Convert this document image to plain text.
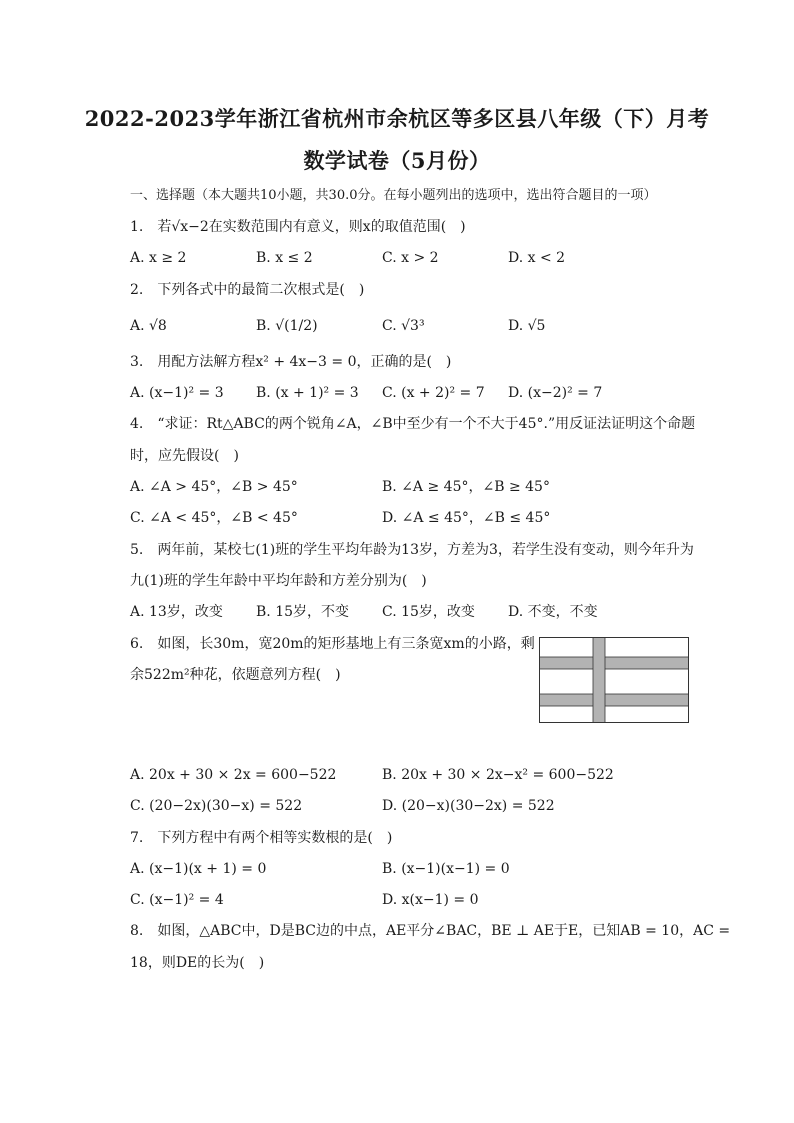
2022-2023学年浙江省杭州市余杭区等多区县八年级（下）月考
数学试卷（5月份）
一、选择题（本大题共10小题，共30.0分。在每小题列出的选项中，选出符合题目的一项）
1.　若√x−2在实数范围内有意义，则x的取值范围(　)
A. x ≥ 2	B. x ≤ 2	C. x > 2	D. x < 2
2.　下列各式中的最简二次根式是(　)
A. √8	B. √(1/2)	C. √3³	D. √5
3.　用配方法解方程x² + 4x−3 = 0，正确的是(　)
A. (x−1)² = 3 B. (x + 1)² = 3 C. (x + 2)² = 7 D. (x−2)² = 7
4.　“求证：Rt△ABC的两个锐角∠A，∠B中至少有一个不大于45°.”用反证法证明这个命题
时，应先假设(　)
A. ∠A > 45°，∠B > 45°	B. ∠A ≥ 45°，∠B ≥ 45°
C. ∠A < 45°，∠B < 45°	D. ∠A ≤ 45°，∠B ≤ 45°
5.　两年前，某校七(1)班的学生平均年龄为13岁，方差为3，若学生没有变动，则今年升为
九(1)班的学生年龄中平均年龄和方差分别为(　)
A. 13岁，改变 B. 15岁，不变 C. 15岁，改变 D. 不变，不变
6.　如图，长30m，宽20m的矩形基地上有三条宽xm的小路，剩
余522m²种花，依题意列方程(　)
A. 20x + 30 × 2x = 600−522	B. 20x + 30 × 2x−x² = 600−522
C. (20−2x)(30−x) = 522	D. (20−x)(30−2x) = 522
7.　下列方程中有两个相等实数根的是(　)
A. (x−1)(x + 1) = 0	B. (x−1)(x−1) = 0
C. (x−1)² = 4	D. x(x−1) = 0
8.　如图，△ABC中，D是BC边的中点，AE平分∠BAC，BE ⊥ AE于E，已知AB = 10，AC =
18，则DE的长为(　)
